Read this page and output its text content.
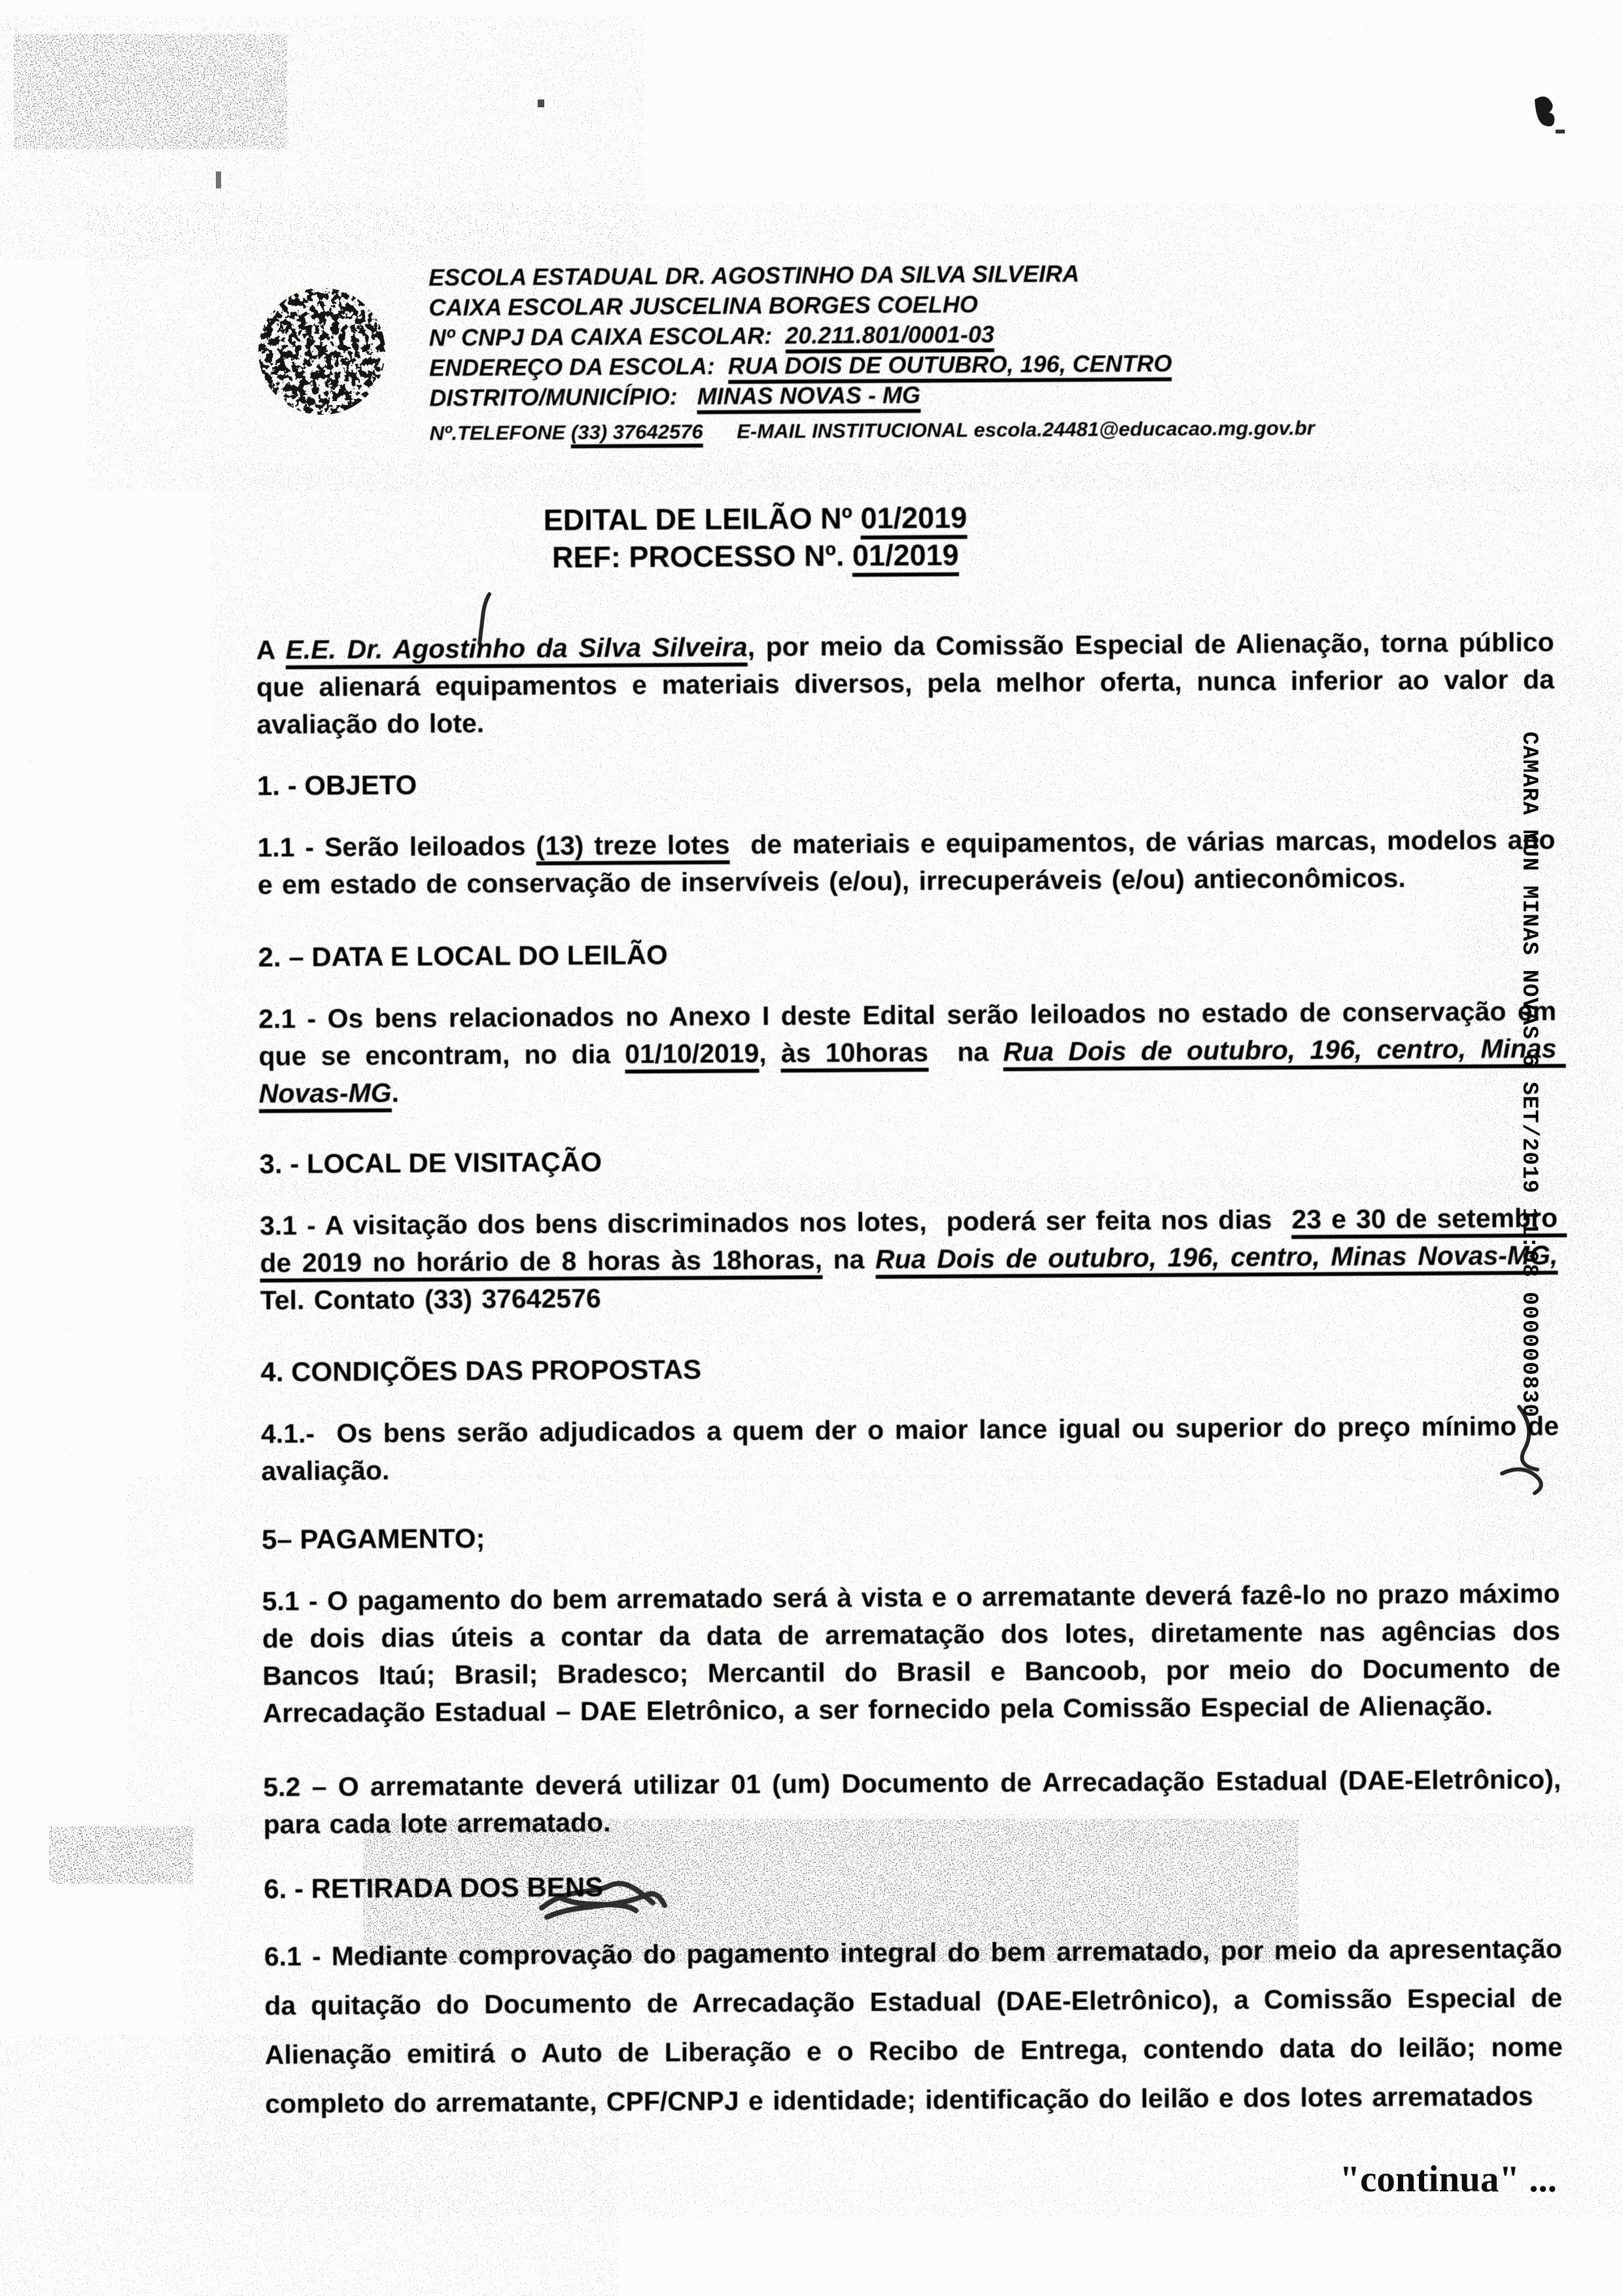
CAMARA MUN MINAS NOVAS 6 SET/2019 11:08 000000830
ESCOLA ESTADUAL DR. AGOSTINHO DA SILVA SILVEIRA
CAIXA ESCOLAR JUSCELINA BORGES COELHO
Nº CNPJ DA CAIXA ESCOLAR:  20.211.801/0001-03
ENDEREÇO DA ESCOLA:  RUA DOIS DE OUTUBRO, 196, CENTRO
DISTRITO/MUNICÍPIO:   MINAS NOVAS - MG
Nº.TELEFONE (33) 37642576      E-MAIL INSTITUCIONAL escola.24481@educacao.mg.gov.br
EDITAL DE LEILÃO Nº 01/2019
REF: PROCESSO Nº. 01/2019
A E.E. Dr. Agostinho da Silva Silveira, por meio da Comissão Especial de Alienação, torna público que alienará equipamentos e materiais diversos, pela melhor oferta, nunca inferior ao valor da avaliação do lote.
1. - OBJETO
1.1 - Serão leiloados (13) treze lotes  de materiais e equipamentos, de várias marcas, modelos ano e em estado de conservação de inservíveis (e/ou), irrecuperáveis (e/ou) antieconômicos.
2. – DATA E LOCAL DO LEILÃO
2.1 - Os bens relacionados no Anexo I deste Edital serão leiloados no estado de conservação em que se encontram, no dia 01/10/2019, às 10horas  na Rua Dois de outubro, 196, centro, Minas Novas-MG.
3. - LOCAL DE VISITAÇÃO
3.1 - A visitação dos bens discriminados nos lotes,  poderá ser feita nos dias  23 e 30 de setembro de 2019 no horário de 8 horas às 18horas, na Rua Dois de outubro, 196, centro, Minas Novas-MG, Tel. Contato (33) 37642576
4. CONDIÇÕES DAS PROPOSTAS
4.1.-  Os bens serão adjudicados a quem der o maior lance igual ou superior do preço mínimo de avaliação.
5– PAGAMENTO;
5.1 - O pagamento do bem arrematado será à vista e o arrematante deverá fazê-lo no prazo máximo de dois dias úteis a contar da data de arrematação dos lotes, diretamente nas agências dos Bancos Itaú; Brasil; Bradesco; Mercantil do Brasil e Bancoob, por meio do Documento de Arrecadação Estadual – DAE Eletrônico, a ser fornecido pela Comissão Especial de Alienação.
5.2 – O arrematante deverá utilizar 01 (um) Documento de Arrecadação Estadual (DAE-Eletrônico), para cada lote arrematado.
6. - RETIRADA DOS BENS
6.1 - Mediante comprovação do pagamento integral do bem arrematado, por meio da apresentação da quitação do Documento de Arrecadação Estadual (DAE-Eletrônico), a Comissão Especial de Alienação emitirá o Auto de Liberação e o Recibo de Entrega, contendo data do leilão; nome completo do arrematante, CPF/CNPJ e identidade; identificação do leilão e dos lotes arrematados
"continua" ...
